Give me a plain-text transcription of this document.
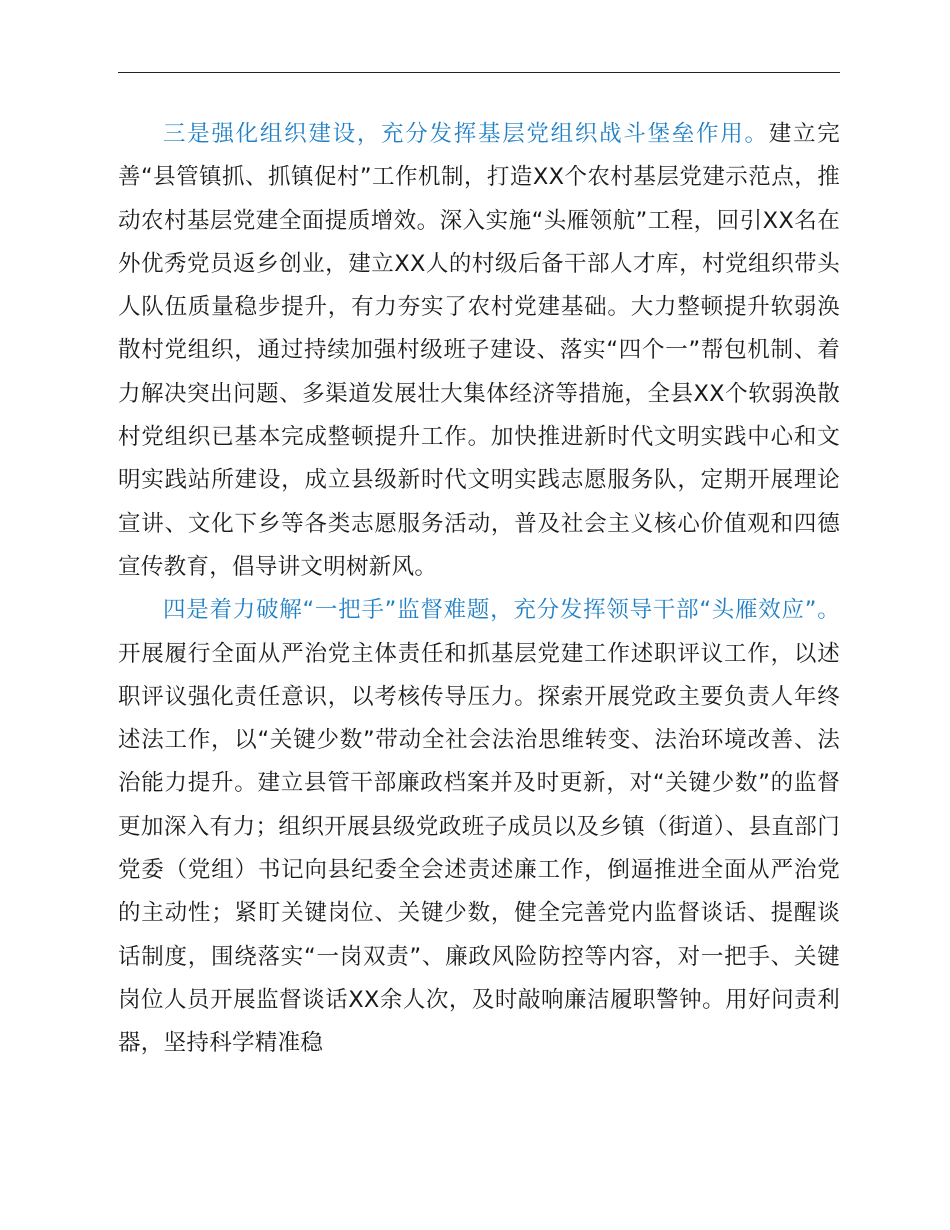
三是强化组织建设，充分发挥基层党组织战斗堡垒作用。建立完善“县管镇抓、抓镇促村”工作机制，打造XX个农村基层党建示范点，推动农村基层党建全面提质增效。深入实施“头雁领航”工程，回引XX名在外优秀党员返乡创业，建立XX人的村级后备干部人才库，村党组织带头人队伍质量稳步提升，有力夯实了农村党建基础。大力整顿提升软弱涣散村党组织，通过持续加强村级班子建设、落实“四个一”帮包机制、着力解决突出问题、多渠道发展壮大集体经济等措施，全县XX个软弱涣散村党组织已基本完成整顿提升工作。加快推进新时代文明实践中心和文明实践站所建设，成立县级新时代文明实践志愿服务队，定期开展理论宣讲、文化下乡等各类志愿服务活动，普及社会主义核心价值观和四德宣传教育，倡导讲文明树新风。

四是着力破解“一把手”监督难题，充分发挥领导干部“头雁效应”。开展履行全面从严治党主体责任和抓基层党建工作述职评议工作，以述职评议强化责任意识，以考核传导压力。探索开展党政主要负责人年终述法工作，以“关键少数”带动全社会法治思维转变、法治环境改善、法治能力提升。建立县管干部廉政档案并及时更新，对“关键少数”的监督更加深入有力；组织开展县级党政班子成员以及乡镇（街道）、县直部门党委（党组）书记向县纪委全会述责述廉工作，倒逼推进全面从严治党的主动性；紧盯关键岗位、关键少数，健全完善党内监督谈话、提醒谈话制度，围绕落实“一岗双责”、廉政风险防控等内容，对一把手、关键岗位人员开展监督谈话XX余人次，及时敲响廉洁履职警钟。用好问责利器，坚持科学精准稳
